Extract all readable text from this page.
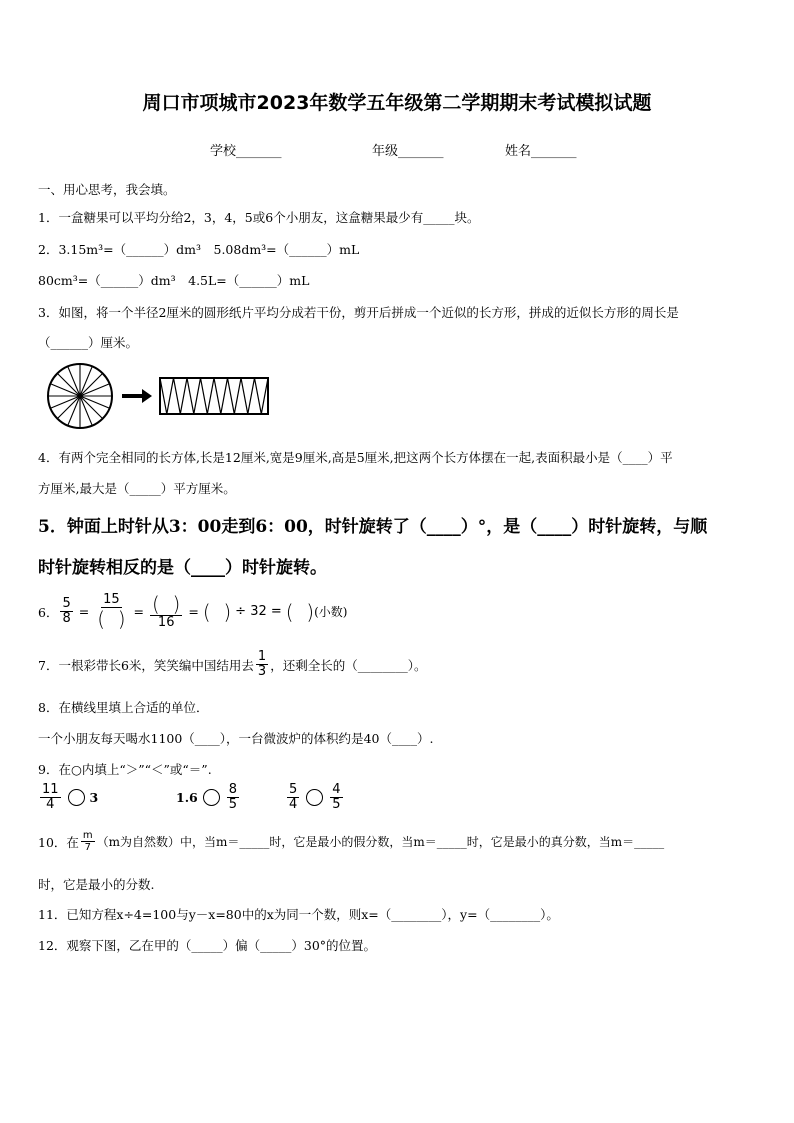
周口市项城市2023年数学五年级第二学期期末考试模拟试题
学校_______	年级_______	姓名_______
一、用心思考，我会填。
1．一盒糖果可以平均分给2，3，4，5或6个小朋友，这盒糖果最少有_____块。
2．3.15m³=（______）dm³　5.08dm³=（______）mL
80cm³=（______）dm³　4.5L=（______）mL
3．如图，将一个半径2厘米的圆形纸片平均分成若干份，剪开后拼成一个近似的长方形，拼成的近似长方形的周长是
（______）厘米。
4．有两个完全相同的长方体,长是12厘米,宽是9厘米,高是5厘米,把这两个长方体摆在一起,表面积最小是（____）平
方厘米,最大是（_____）平方厘米。
5．钟面上时针从3：00走到6：00，时针旋转了（____）°，是（____）时针旋转，与顺
时针旋转相反的是（____）时针旋转。
6． $\frac{5}{8} = \frac{15}{( )} = \frac{( )}{16}$ = (  ) ÷ 32 = (  ) (小数)
7．一根彩带长6米，笑笑编中国结用去 $\frac{1}{3}$ ，还剩全长的（________）。
8．在横线里填上合适的单位．
一个小朋友每天喝水1100（____），一台微波炉的体积约是40（____）.
9．在○内填上“＞”“＜”或“＝”.
$\frac{11}{4} 3$	$1.6 \frac{8}{5}$	$\frac{5}{4} \frac{4}{5}$
10．在 $\frac{m}{7} (m$为自然数）中，当m＝_____时，它是最小的假分数，当m＝_____时，它是最小的真分数，当m＝_____
时，它是最小的分数.
11．已知方程x÷4=100与y－x=80中的x为同一个数，则x=（________），y=（________）。
12．观察下图，乙在甲的（_____）偏（_____）30°的位置。
